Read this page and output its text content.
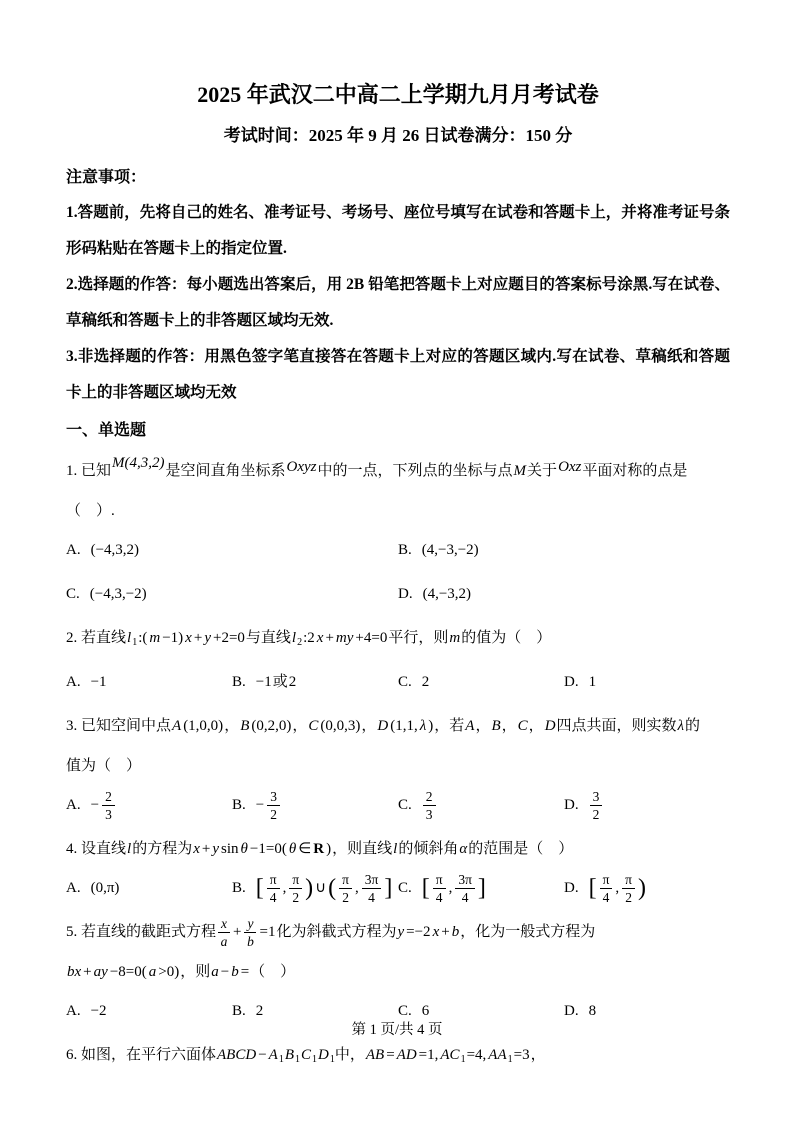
2025 年武汉二中高二上学期九月月考试卷
考试时间：2025 年 9 月 26 日试卷满分：150 分
注意事项：
1.答题前，先将自己的姓名、准考证号、考场号、座位号填写在试卷和答题卡上，并将准考证号条形码粘贴在答题卡上的指定位置.
2.选择题的作答：每小题选出答案后，用 2B 铅笔把答题卡上对应题目的答案标号涂黑.写在试卷、草稿纸和答题卡上的非答题区域均无效.
3.非选择题的作答：用黑色签字笔直接答在答题卡上对应的答题区域内.写在试卷、草稿纸和答题卡上的非答题区域均无效
一、单选题
1. 已知M(4,3,2)是空间直角坐标系Oxyz中的一点，下列点的坐标与点M关于Oxz平面对称的点是
（　）.
A. (−4,3,2)	B. (4,−3,−2)
C. (−4,3,−2)	D. (4,−3,2)
2. 若直线$l_1$:( m −1) x + y +2=0与直线$l_2:2$ x + my +4=0平行，则m的值为（　）
A. −1	B. −1或2	C. 2	D. 1
3. 已知空间中点A (1,0,0)，B (0,2,0)，C (0,0,3)，D (1,1, λ )，若A，B，C，D四点共面，则实数λ的
值为（　）
A. − $\frac{2}{3}$	B. − $\frac{3}{2}$	C. $\frac{2}{3}$	D. $\frac{3}{2}$
4. 设直线l的方程为x + y sin θ −1=0( θ ∈ R )，则直线l的倾斜角α的范围是（　）
A. (0,π)	B. [ $\frac{\pi}{4}$ , $\frac{\pi}{2}$ ) ∪( $\frac{\pi}{2}$ , $\frac{3\pi}{4}$ ] C. [ $\frac{\pi}{4}$ , $\frac{3\pi}{4}$ ]	D. [ $\frac{\pi}{4}$ , $\frac{\pi}{2}$ )
5. 若直线的截距式方程 $\frac{x}{a} + \frac{y}{b} =1$化为斜截式方程为y =−2 x + b，化为一般式方程为
bx + ay −8=0( a >0)，则a − b =（　）
A. −2	B. 2	C. 6	D. 8
6. 如图，在平行六面体ABCD − $A_1B_1C_1D_1$中，AB = AD =1, $AC_1=4$, $AA_1=3$，
第 1 页/共 4 页
